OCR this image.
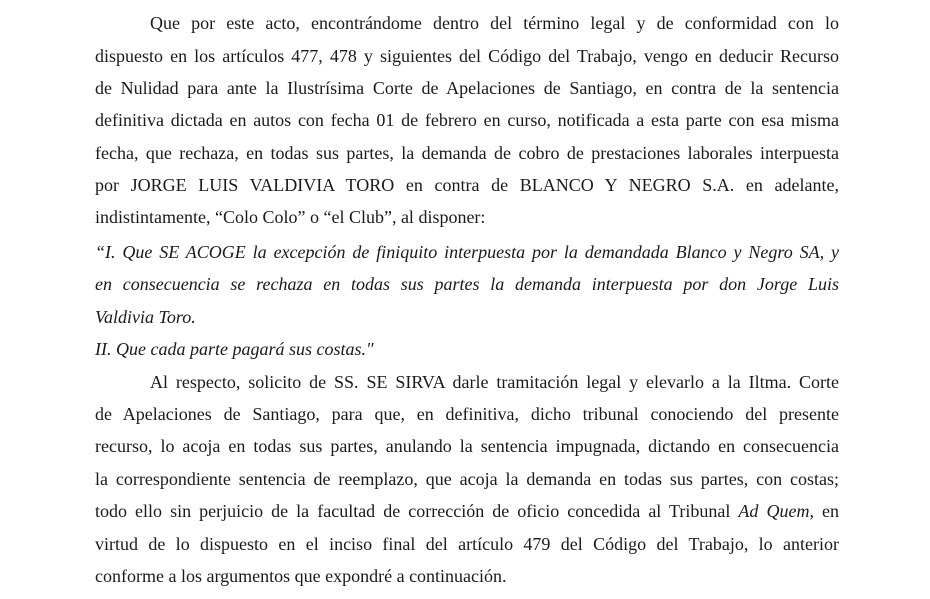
Que por este acto, encontrándome dentro del término legal y de conformidad con lo
dispuesto en los artículos 477, 478 y siguientes del Código del Trabajo, vengo en deducir Recurso
de Nulidad para ante la Ilustrísima Corte de Apelaciones de Santiago, en contra de la sentencia
definitiva dictada en autos con fecha 01 de febrero en curso, notificada a esta parte con esa misma
fecha, que rechaza, en todas sus partes, la demanda de cobro de prestaciones laborales interpuesta
por JORGE LUIS VALDIVIA TORO en contra de BLANCO Y NEGRO S.A. en adelante,
indistintamente, “Colo Colo” o “el Club”, al disponer:
“I. Que SE ACOGE la excepción de finiquito interpuesta por la demandada Blanco y Negro SA, y
en consecuencia se rechaza en todas sus partes la demanda interpuesta por don Jorge Luis
Valdivia Toro.
II. Que cada parte pagará sus costas."
Al respecto, solicito de SS. SE SIRVA darle tramitación legal y elevarlo a la Iltma. Corte
de Apelaciones de Santiago, para que, en definitiva, dicho tribunal conociendo del presente
recurso, lo acoja en todas sus partes, anulando la sentencia impugnada, dictando en consecuencia
la correspondiente sentencia de reemplazo, que acoja la demanda en todas sus partes, con costas;
todo ello sin perjuicio de la facultad de corrección de oficio concedida al Tribunal Ad Quem, en
virtud de lo dispuesto en el inciso final del artículo 479 del Código del Trabajo, lo anterior
conforme a los argumentos que expondré a continuación.
